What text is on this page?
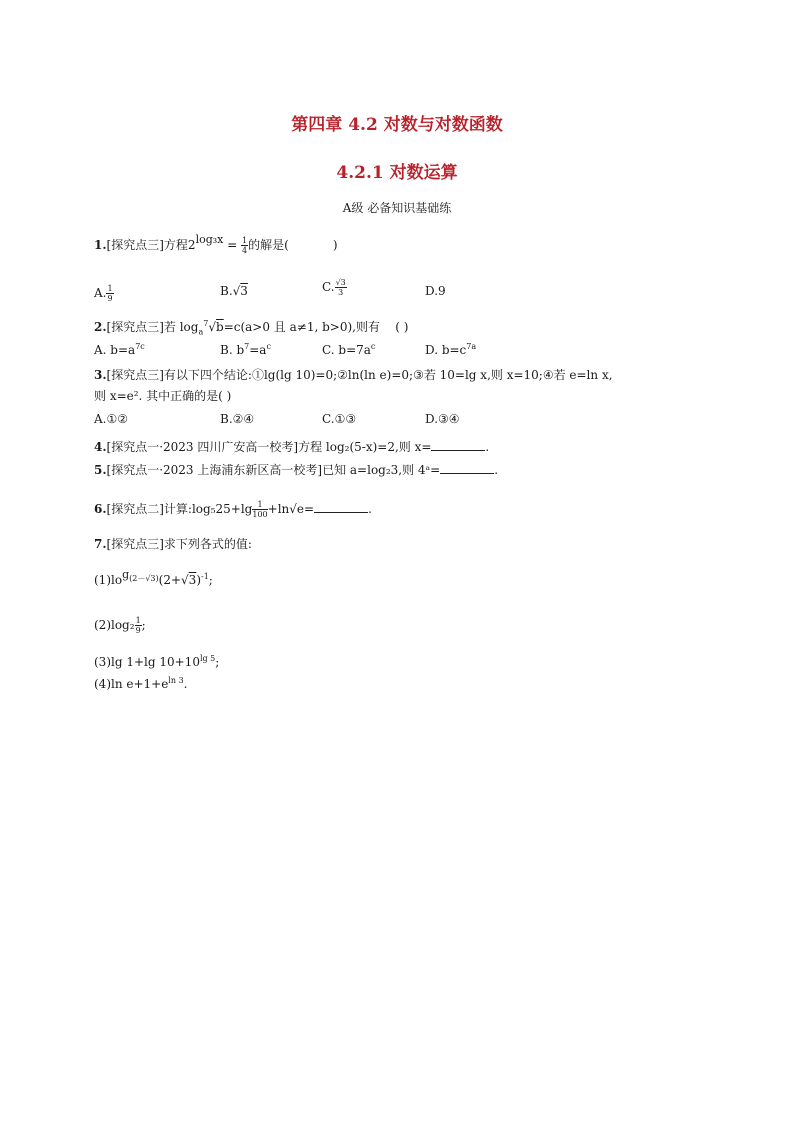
第四章 4.2 对数与对数函数
4.2.1 对数运算
A级 必备知识基础练
1.[探究点三]方程$2\log_3x = \frac{1}{4}$ 的解是(	)
A. $\frac{1}{9}$	B.√3	C. $\frac{√3}{3}$	D.9
2.[探究点三]若 $\log_a^7√b=c(a>0$ 且 a≠1, b>0),则有 ( )
A. $b=a^{7c}$	B. $b^7=a^c$	C. $b=7a^c$	D. $b=c^{7a}$
3.[探究点三]有以下四个结论:①lg(lg 10)=0;②ln(ln e)=0;③若 10=lg x,则 x=10;④若 e=ln x,
则 x=e². 其中正确的是( )
A.①②	B.②④	C.①③	D.③④
4.[探究点一·2023 四川广安高一校考]方程 log₂(5-x)=2,则 x=	.
5.[探究点一·2023 上海浦东新区高一校考]已知 a=log₂3,则 4ᵃ=	.
6.[探究点二]计算:log₅25+lg $\frac{1}{100} +\ln√e=$	.
7.[探究点三]求下列各式的值:
$(1)\log_{(2-√3)}(2+√3)^{-1}$;
$(2)\log_2 \frac{1}{9}$ ;
(3)lg 1+lg $10+10^{lg 5}$;
(4)ln $e+1+e^{ln 3}$.
